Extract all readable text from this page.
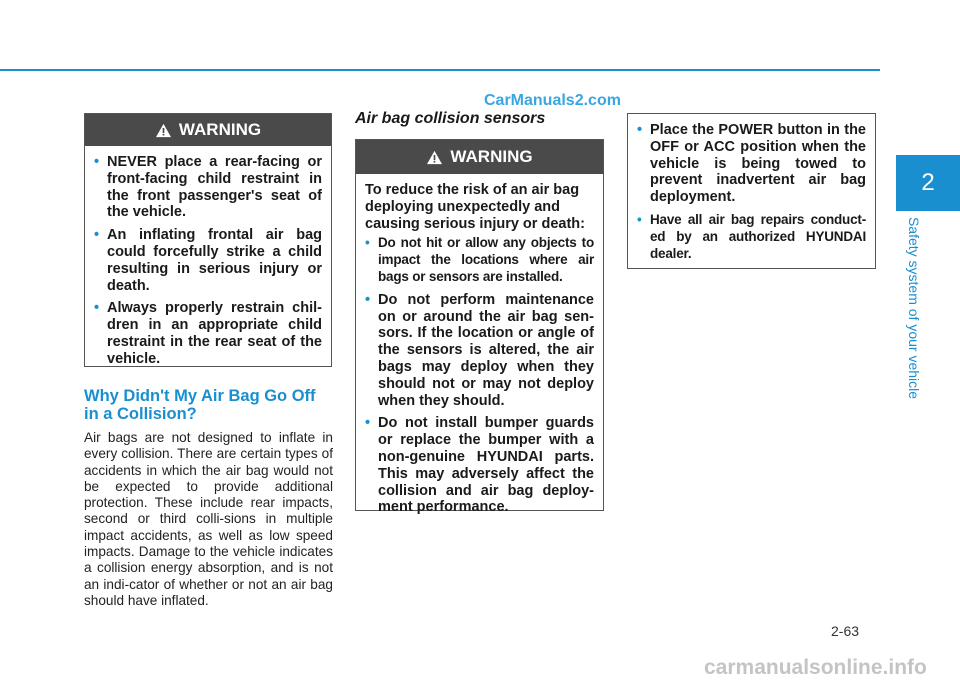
CarManuals2.com
WARNING
• NEVER place a rear-facing or front-facing child restraint in the front passenger's seat of the vehicle.
• An inflating frontal air bag could forcefully strike a child resulting in serious injury or death.
• Always properly restrain chil-dren in an appropriate child restraint in the rear seat of the vehicle.
Why Didn't My Air Bag Go Off in a Collision?
Air bags are not designed to inflate in every collision. There are certain types of accidents in which the air bag would not be expected to provide additional protection. These include rear impacts, second or third colli-sions in multiple impact accidents, as well as low speed impacts. Damage to the vehicle indicates a collision energy absorption, and is not an indi-cator of whether or not an air bag should have inflated.
Air bag collision sensors
WARNING

To reduce the risk of an air bag deploying unexpectedly and causing serious injury or death:

• Do not hit or allow any objects to impact the locations where air bags or sensors are installed.
• Do not perform maintenance on or around the air bag sen-sors. If the location or angle of the sensors is altered, the air bags may deploy when they should not or may not deploy when they should.
• Do not install bumper guards or replace the bumper with a non-genuine HYUNDAI parts. This may adversely affect the collision and air bag deploy-ment performance.
• Place the POWER button in the OFF or ACC position when the vehicle is being towed to prevent inadvertent air bag deployment.
• Have all air bag repairs conduct-ed by an authorized HYUNDAI dealer.
2
Safety system of your vehicle
2-63
carmanualsonline.info
